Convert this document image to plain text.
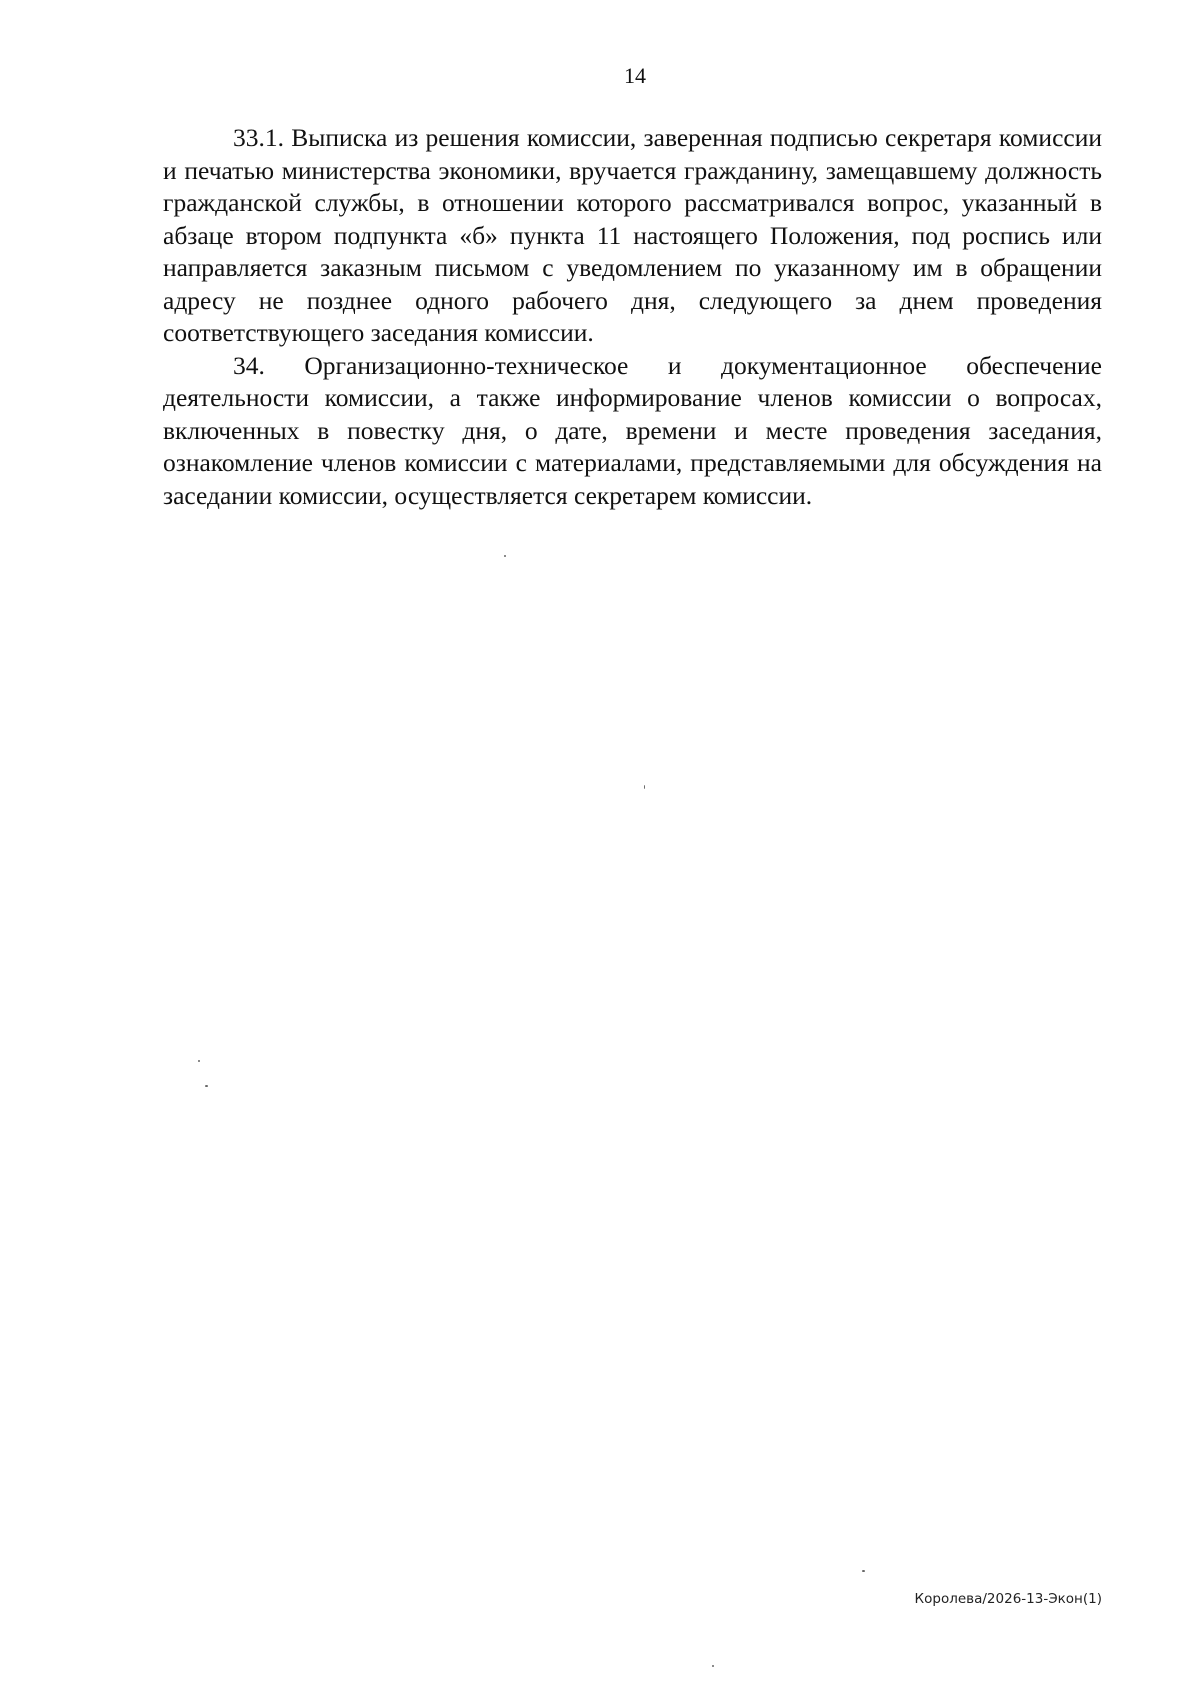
14

33.1. Выписка из решения комиссии, заверенная подписью секретаря комиссии и печатью министерства экономики, вручается гражданину, замещавшему должность гражданской службы, в отношении которого рассматривался вопрос, указанный в абзаце втором подпункта «б» пункта 11 настоящего Положения, под роспись или направляется заказным письмом с уведомлением по указанному им в обращении адресу не позднее одного рабочего дня, следующего за днем проведения соответствующего заседания комиссии.

34. Организационно-техническое и документационное обеспечение деятельности комиссии, а также информирование членов комиссии о вопросах, включенных в повестку дня, о дате, времени и месте проведения заседания, ознакомление членов комиссии с материалами, представляемыми для обсуждения на заседании комиссии, осуществляется секретарем комиссии.

Королева/2026-13-Экон(1)
